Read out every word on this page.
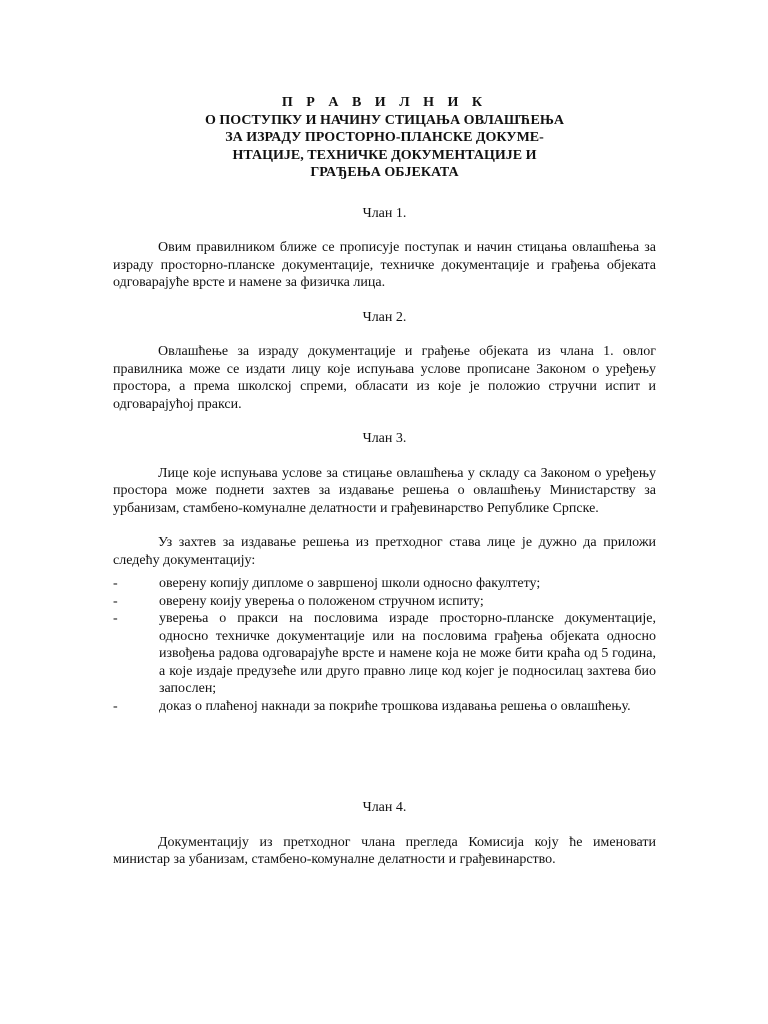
П Р А В И Л Н И К
О ПОСТУПКУ И НАЧИНУ СТИЦАЊА ОВЛАШЋЕЊА
ЗА ИЗРАДУ ПРОСТОРНО-ПЛАНСКЕ ДОКУМЕ-
НТАЦИЈЕ, ТЕХНИЧКЕ ДОКУМЕНТАЦИЈЕ И
ГРАЂЕЊА ОБЈЕКАТА
Члан 1.

Овим правилником ближе се прописује поступак и начин стицања овлашћења за израду просторно-планске документације, техничке документације и грађења објеката одговарајуће врсте и намене за физичка лица.

Члан 2.

Овлашћење за израду документације и грађење објеката из члана 1. овлог правилника може се издати лицу које испуњава услове прописане Законом о уређењу простора, а према школској спреми, обласати из које је положио стручни испит и одговарајућој пракси.

Члан 3.

Лице које испуњава услове за стицање овлашћења у складу са Законом о уређењу простора може поднети захтев за издавање решења о овлашћењу Министарству за урбанизам, стамбено-комуналне делатности и грађевинарство Републике Српске.

Уз захтев за издавање решења из претходног става лице је дужно да приложи следећу документацију:

-	оверену копију дипломе о завршеној школи односно факултету;
-	оверену коију уверења о положеном стручном испиту;
-	уверења о пракси на пословима израде просторно-планске документације, односно техничке документације или на пословима грађења објеката односно извођења радова одговарајуће врсте и намене која не може бити краћа од 5 година, а које издаје предузеће или друго правно лице код којег је подносилац захтева био запослен;
-	доказ о плаћеној накнади за покриће трошкова издавања решења о овлашћењу.
Члан 4.

Документацију из претходног члана прегледа Комисија коју ће именовати министар за убанизам, стамбено-комуналне делатности и грађевинарство.
